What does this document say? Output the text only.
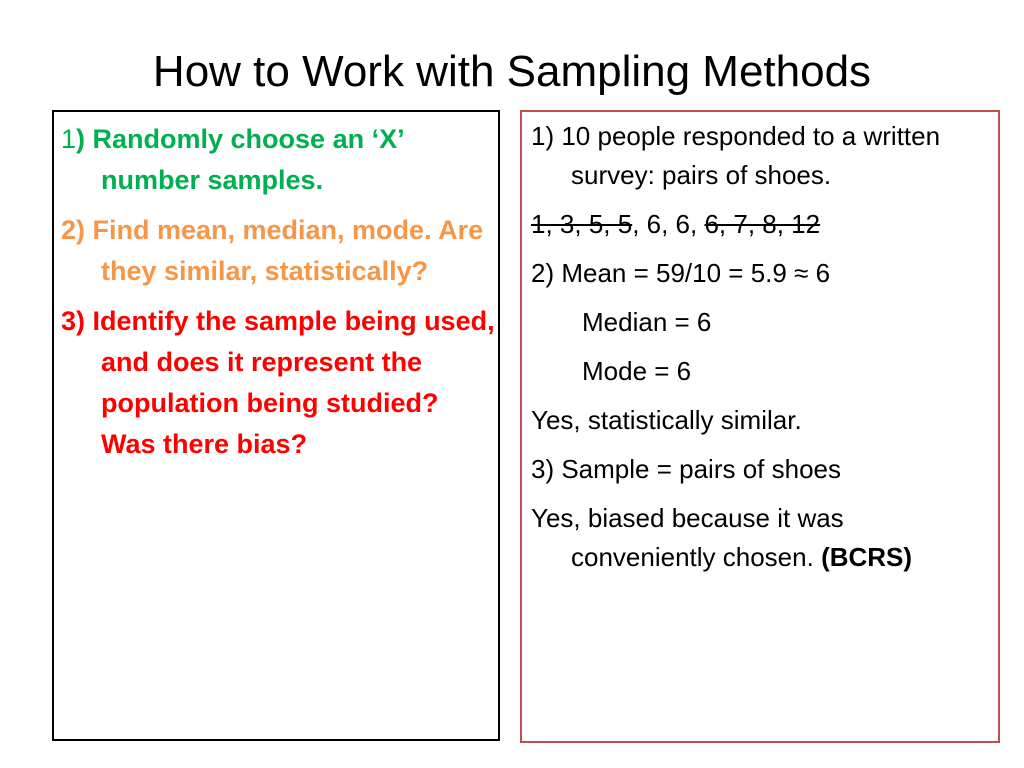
How to Work with Sampling Methods
1) Randomly choose an ‘X’ number samples.
2) Find mean, median, mode. Are they similar, statistically?
3) Identify the sample being used, and does it represent the population being studied? Was there bias?
1) 10 people responded to a written survey: pairs of shoes.
1, 3, 5, 5, 6, 6, 6, 7, 8, 12
2) Mean = 59/10 = 5.9 ≈ 6
Median = 6
Mode = 6
Yes, statistically similar.
3) Sample = pairs of shoes
Yes, biased because it was conveniently chosen. (BCRS)
